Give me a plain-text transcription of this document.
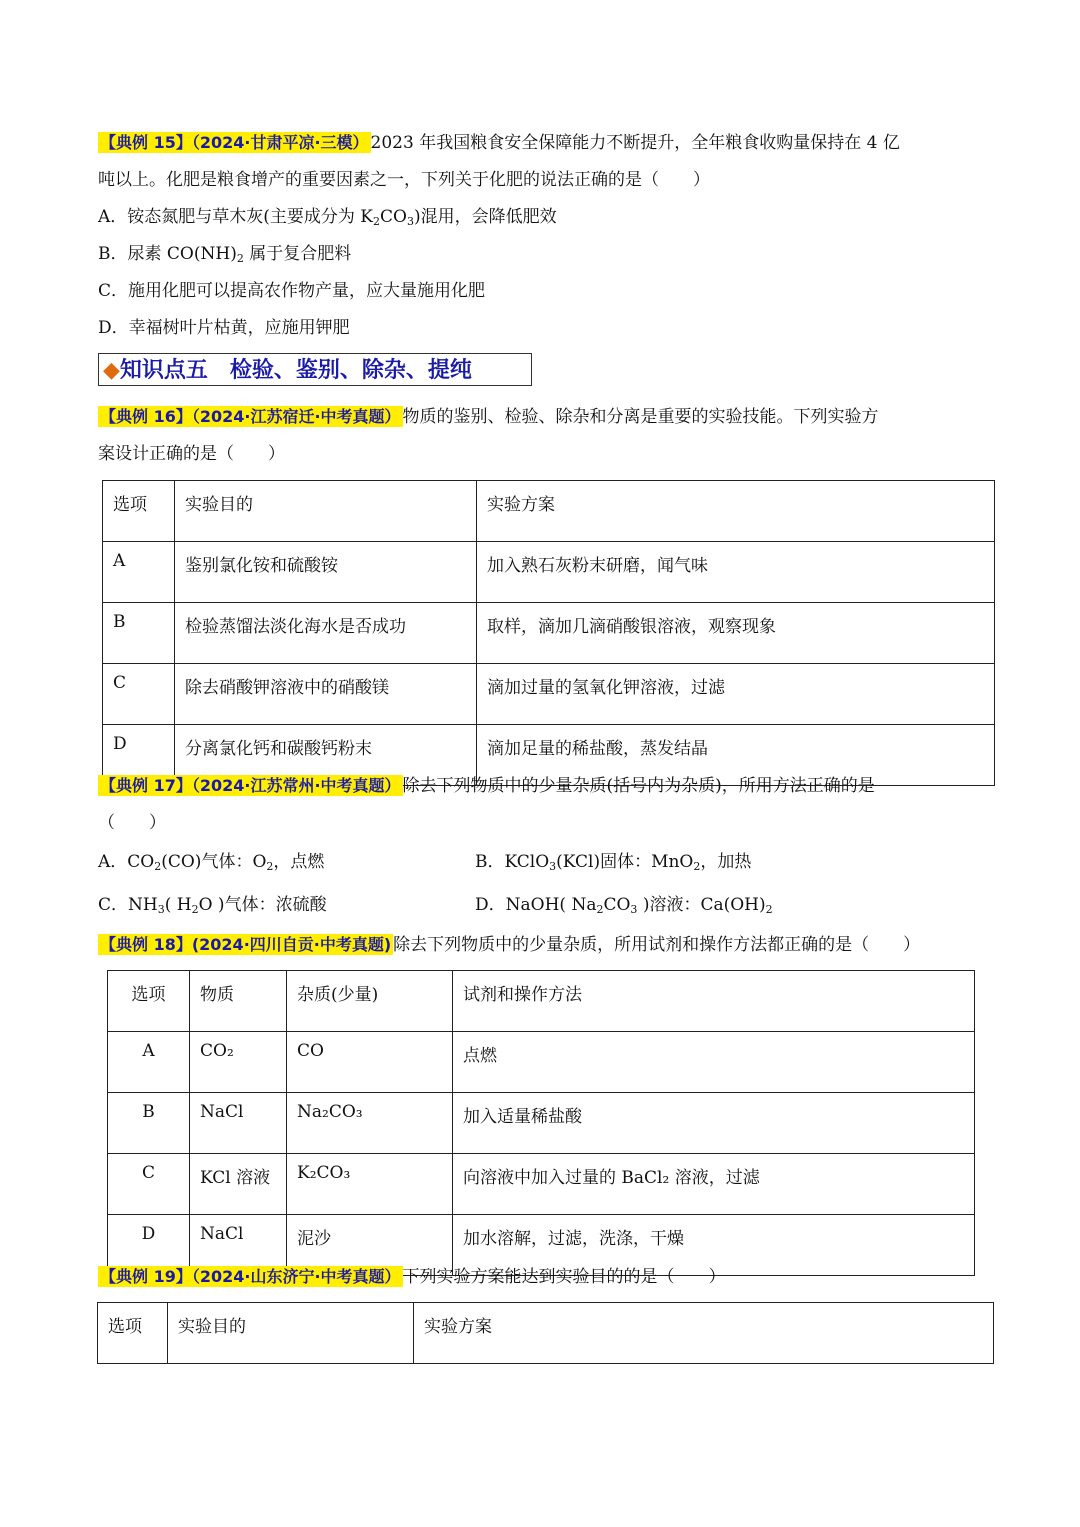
【典例 15】（2024·甘肃平凉·三模） 2023 年我国粮食安全保障能力不断提升，全年粮食收购量保持在 4 亿
吨以上。化肥是粮食增产的重要因素之一，下列关于化肥的说法正确的是（　　）
A．铵态氮肥与草木灰(主要成分为 $K_2CO_3$)混用，会降低肥效
B．尿素 $CO(NH)_2$ 属于复合肥料
C．施用化肥可以提高农作物产量，应大量施用化肥
D．幸福树叶片枯黄，应施用钾肥
◆知识点五　检验、鉴别、除杂、提纯
【典例 16】（2024·江苏宿迁·中考真题） 物质的鉴别、检验、除杂和分离是重要的实验技能。下列实验方
案设计正确的是（　　）
选项	实验目的	实验方案
A	鉴别氯化铵和硫酸铵	加入熟石灰粉末研磨，闻气味
B	检验蒸馏法淡化海水是否成功	取样，滴加几滴硝酸银溶液，观察现象
C	除去硝酸钾溶液中的硝酸镁	滴加过量的氢氧化钾溶液，过滤
D	分离氯化钙和碳酸钙粉末	滴加足量的稀盐酸，蒸发结晶
【典例 17】（2024·江苏常州·中考真题） 除去下列物质中的少量杂质(括号内为杂质)，所用方法正确的是
（　　）
A．$CO_2(CO)$气体：$O_2$，点燃	B．KClO$_3$(KCl)固体：MnO$_2$，加热
C．$NH_3$( $H_2O$ )气体：浓硫酸	D．NaOH( $Na_2CO_3$ )溶液：$Ca(OH)_2$
【典例 18】(2024·四川自贡·中考真题) 除去下列物质中的少量杂质，所用试剂和操作方法都正确的是（　　）
选项	物质	杂质(少量)	试剂和操作方法
A	CO₂	CO	点燃
B	NaCl	Na₂CO₃	加入适量稀盐酸
C	KCl 溶液	K₂CO₃	向溶液中加入过量的 BaCl₂ 溶液，过滤
D	NaCl	泥沙	加水溶解，过滤，洗涤，干燥
【典例 19】（2024·山东济宁·中考真题） 下列实验方案能达到实验目的的是（　　）
选项	实验目的	实验方案
